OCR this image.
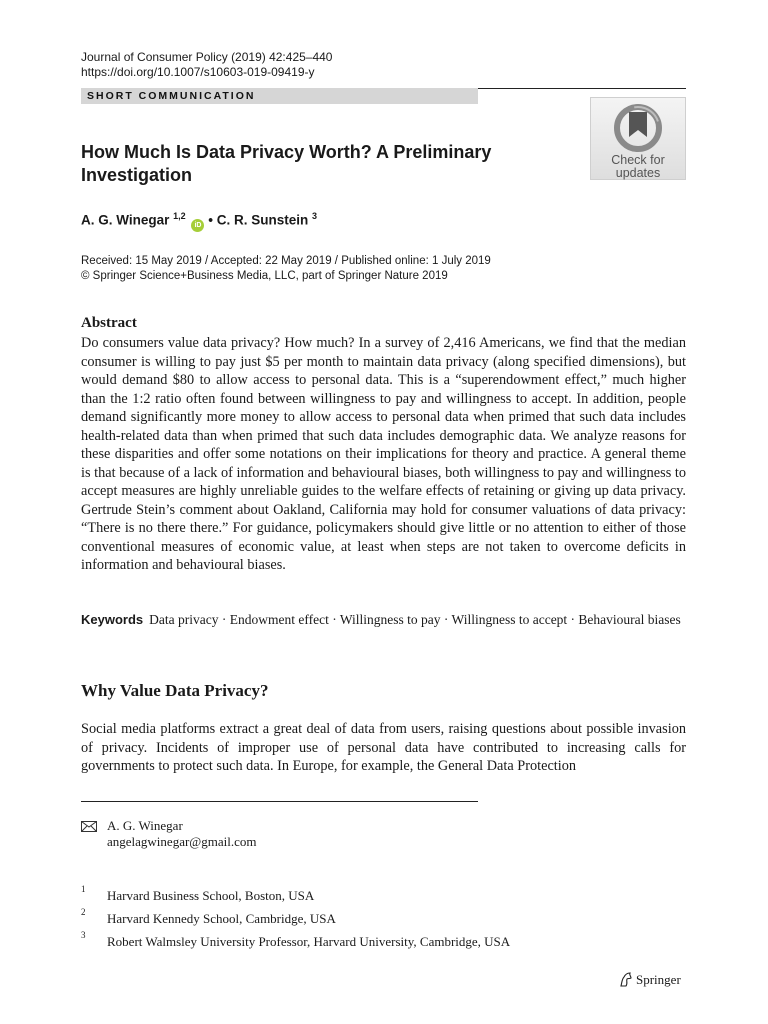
Journal of Consumer Policy (2019) 42:425–440
https://doi.org/10.1007/s10603-019-09419-y
SHORT COMMUNICATION
Check for
updates
How Much Is Data Privacy Worth? A Preliminary Investigation
A. G. Winegar $^{1,2}$ iD • C. R. Sunstein $^3$
Received: 15 May 2019 / Accepted: 22 May 2019 / Published online: 1 July 2019
© Springer Science+Business Media, LLC, part of Springer Nature 2019
Abstract
Do consumers value data privacy? How much? In a survey of 2,416 Americans, we find that the median consumer is willing to pay just $5 per month to maintain data privacy (along specified dimensions), but would demand $80 to allow access to personal data. This is a “superendowment effect,” much higher than the 1:2 ratio often found between willingness to pay and willingness to accept. In addition, people demand significantly more money to allow access to personal data when primed that such data includes health-related data than when primed that such data includes demographic data. We analyze reasons for these disparities and offer some notations on their implications for theory and practice. A general theme is that because of a lack of information and behavioural biases, both willingness to pay and willingness to accept measures are highly unreliable guides to the welfare effects of retaining or giving up data privacy. Gertrude Stein’s comment about Oakland, California may hold for consumer valuations of data privacy: “There is no there there.” For guidance, policymakers should give little or no attention to either of those conventional measures of economic value, at least when steps are not taken to overcome deficits in information and behavioural biases.
Keywords Data privacy · Endowment effect · Willingness to pay · Willingness to accept · Behavioural biases
Why Value Data Privacy?
Social media platforms extract a great deal of data from users, raising questions about possible invasion of privacy. Incidents of improper use of personal data have contributed to increasing calls for governments to protect such data. In Europe, for example, the General Data Protection
A. G. Winegar
angelagwinegar@gmail.com
1 Harvard Business School, Boston, USA
2 Harvard Kennedy School, Cambridge, USA
3 Robert Walmsley University Professor, Harvard University, Cambridge, USA
Springer
